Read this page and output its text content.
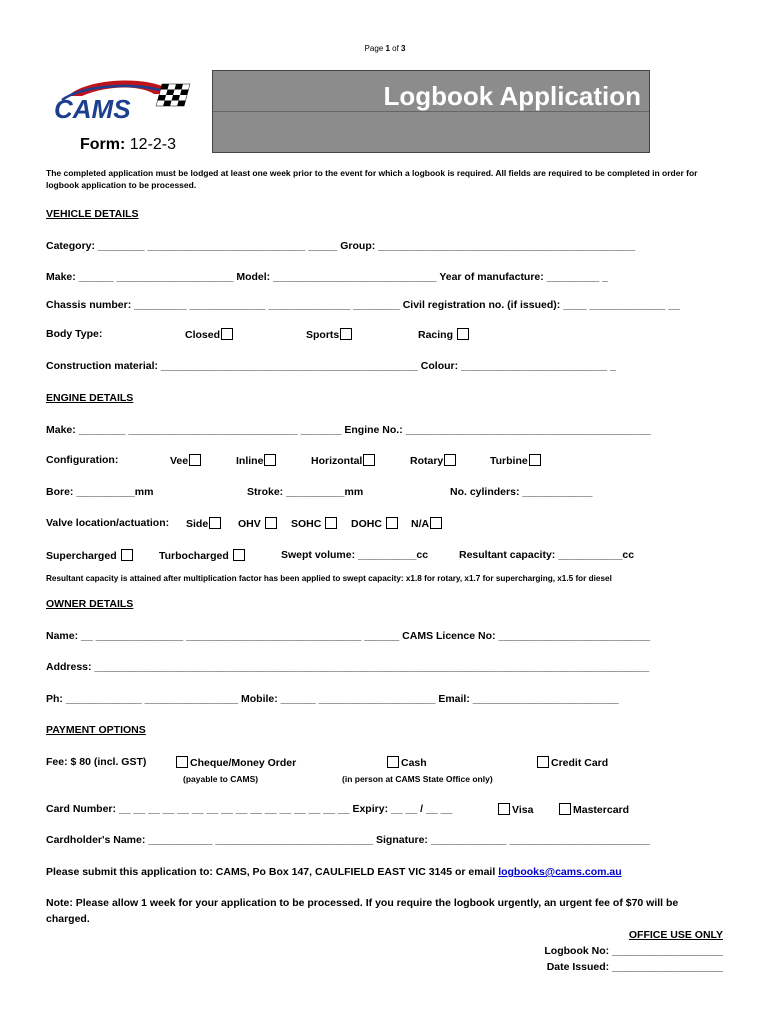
Page 1 of 3
CAMS	Logbook Application
Form: 12-2-3
The completed application must be lodged at least one week prior to the event for which a logbook is required. All fields are required to be completed in order for logbook application to be processed.
VEHICLE DETAILS
Category: ________ ___________________________ _____ Group: ____________________________________________
Make: ______ ____________________ Model: ____________________________ Year of manufacture: _________ _
Chassis number: _________ _____________ ______________ ________ Civil registration no. (if issued): ____ _____________ __
Body Type:	Closed	Sports	Racing
Construction material: ____________________________________________ Colour: _________________________ _
ENGINE DETAILS
Make: ________ _____________________________ _______ Engine No.: __________________________________________
Configuration:	Vee	Inline	Horizontal	Rotary	Turbine
Bore: __________mm	Stroke: __________mm	No. cylinders: ____________
Valve location/actuation: Side	OHV	SOHC	DOHC	N/A
Supercharged	Turbocharged	Swept volume: __________cc	Resultant capacity: ___________cc
Resultant capacity is attained after multiplication factor has been applied to swept capacity: x1.8 for rotary, x1.7 for supercharging, x1.5 for diesel
OWNER DETAILS
Name: __ _______________ ______________________________ ______ CAMS Licence No: __________________________
Address: _______________________________________________________________________________________________
Ph: _____________ ________________ Mobile: ______ ____________________ Email: _________________________
PAYMENT OPTIONS
Fee: $ 80 (incl. GST)	Cheque/Money Order
(payable to CAMS)
Cash
(in person at CAMS State Office only)
Credit Card
Card Number: __ __ __ __ __ __ __ __ __ __ __ __ __ __ __ __ Expiry: __ __ / __ __	Visa	Mastercard
Cardholder's Name: ___________ ___________________________ Signature: _____________ ________________________
Please submit this application to: CAMS, Po Box 147, CAULFIELD EAST VIC 3145 or email logbooks@cams.com.au
Note: Please allow 1 week for your application to be processed. If you require the logbook urgently, an urgent fee of $70 will be
charged.
OFFICE USE ONLY
Logbook No: ___________________
Date Issued: ___________________
